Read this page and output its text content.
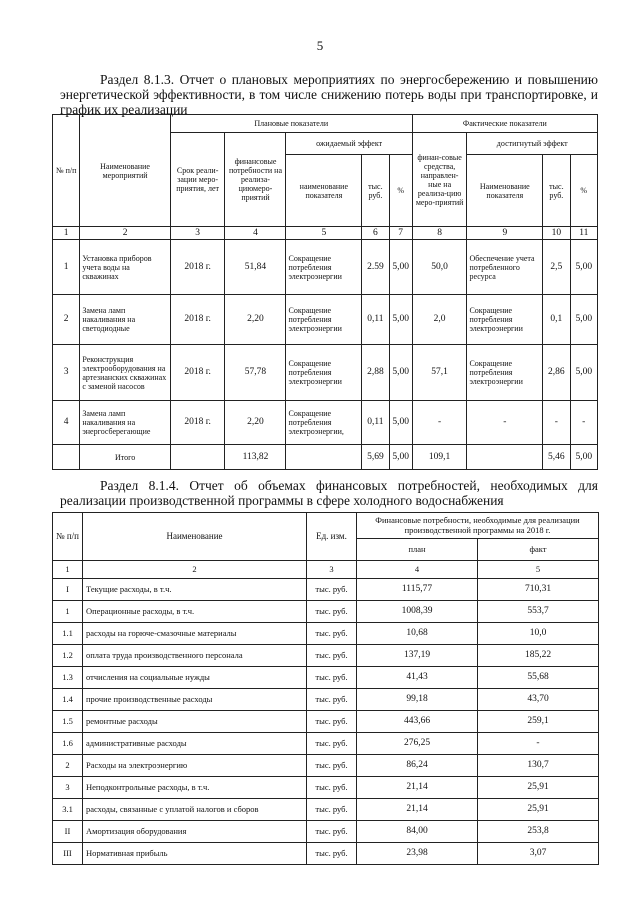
5
Раздел 8.1.3. Отчет о плановых мероприятиях по энергосбережению и повышению энергетической эффективности, в том числе снижению потерь воды при транспортировке, и график их реализации
№ п/п	Наименование мероприятий	Плановые показатели					Фактические показатели			
		Срок реали-зации меро-приятия, лет	финансовые потребности на реализа-циюмеро-приятий	ожидаемый эффект			финан-совые средства, направлен-ные на реализа-цию меро-приятий	достигнутый эффект		
				наименование показателя	тыс. руб.	%		Наименование показателя	тыс. руб.	%
1	2	3	4	5	6	7	8	9	10	11
1	Установка приборов учета воды на скважинах	2018 г.	51,84	Сокращение потребления электроэнергии	2.59	5,00	50,0	Обеспечение учета потребленного ресурса	2,5	5,00
2	Замена ламп накаливания на светодиодные	2018 г.	2,20	Сокращение потребления электроэнергии	0,11	5,00	2,0	Сокращение потребления электроэнергии	0,1	5,00
3	Реконструкция электрооборудования на артезианских скважинах с заменой насосов	2018 г.	57,78	Сокращение потребления электроэнергии	2,88	5,00	57,1	Сокращение потребления электроэнергии	2,86	5,00
4	Замена ламп накаливания на энергосберегающие	2018 г.	2,20	Сокращение потребления электроэнергии,	0,11	5,00	-	-	-	-
	Итого		113,82		5,69	5,00	109,1		5,46	5,00
Раздел 8.1.4. Отчет об объемах финансовых потребностей, необходимых для реализации производственной программы в сфере холодного водоснабжения
№ п/п	Наименование	Ед. изм.	Финансовые потребности, необходимые для реализации производственной программы на 2018 г.	
			план	факт
1	2	3	4	5
I	Текущие расходы, в т.ч.	тыс. руб.	1115,77	710,31
1	Операционные расходы, в т.ч.	тыс. руб.	1008,39	553,7
1.1	расходы на горюче-смазочные материалы	тыс. руб.	10,68	10,0
1.2	оплата труда производственного персонала	тыс. руб.	137,19	185,22
1.3	отчисления на социальные нужды	тыс. руб.	41,43	55,68
1.4	прочие производственные расходы	тыс. руб.	99,18	43,70
1.5	ремонтные расходы	тыс. руб.	443,66	259,1
1.6	административные расходы	тыс. руб.	276,25	-
2	Расходы на электроэнергию	тыс. руб.	86,24	130,7
3	Неподконтрольные расходы, в т.ч.	тыс. руб.	21,14	25,91
3.1	расходы, связанные с уплатой налогов и сборов	тыс. руб.	21,14	25,91
II	Амортизация оборудования	тыс. руб.	84,00	253,8
III	Нормативная прибыль	тыс. руб.	23,98	3,07
